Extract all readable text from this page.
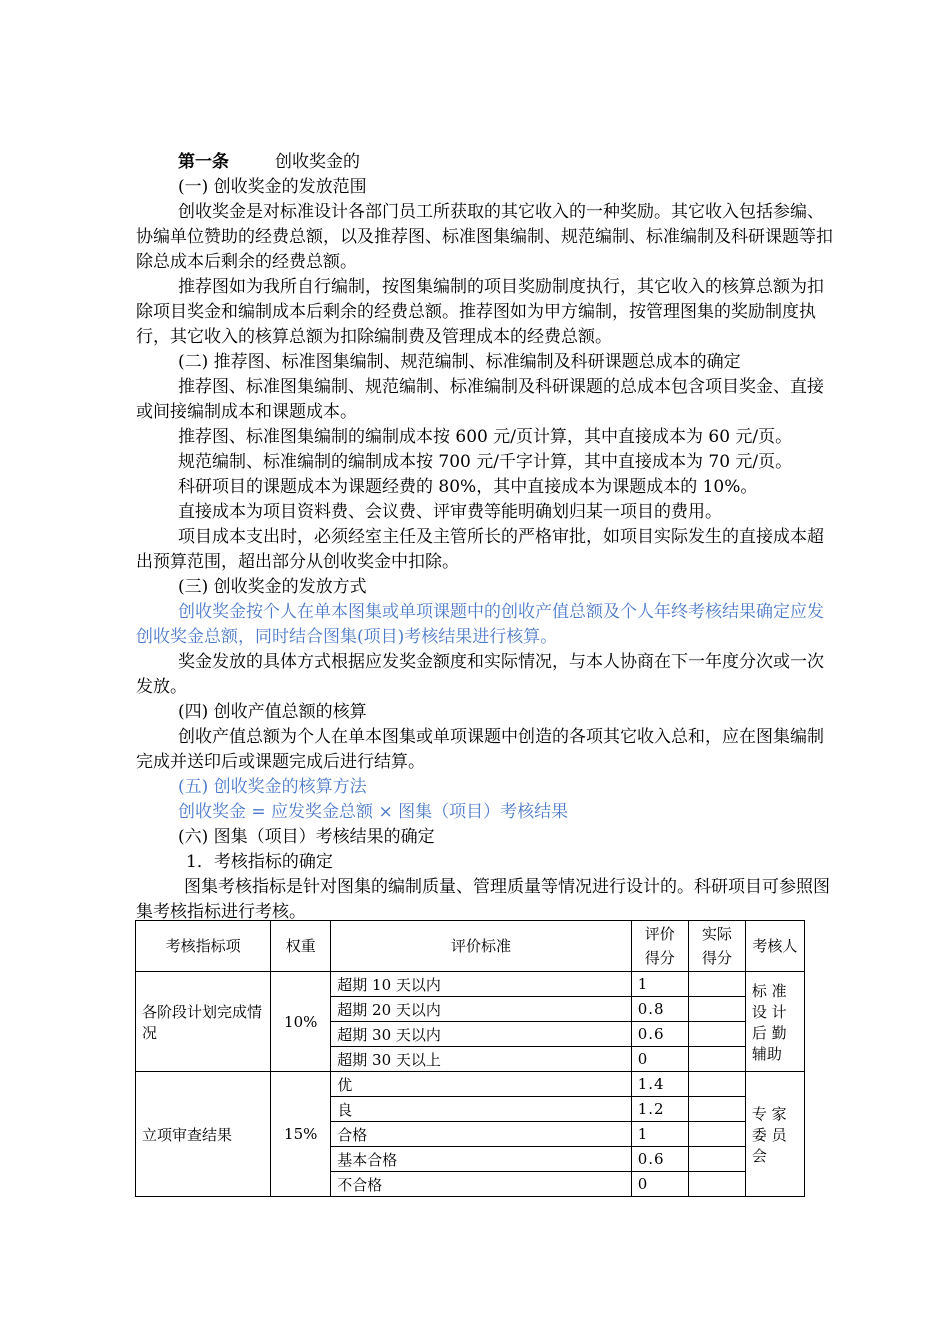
第一条	创收奖金的
(一) 创收奖金的发放范围
创收奖金是对标准设计各部门员工所获取的其它收入的一种奖励。其它收入包括参编、协编单位赞助的经费总额，以及推荐图、标准图集编制、规范编制、标准编制及科研课题等扣除总成本后剩余的经费总额。
推荐图如为我所自行编制，按图集编制的项目奖励制度执行，其它收入的核算总额为扣除项目奖金和编制成本后剩余的经费总额。推荐图如为甲方编制，按管理图集的奖励制度执行，其它收入的核算总额为扣除编制费及管理成本的经费总额。
(二) 推荐图、标准图集编制、规范编制、标准编制及科研课题总成本的确定
推荐图、标准图集编制、规范编制、标准编制及科研课题的总成本包含项目奖金、直接或间接编制成本和课题成本。
推荐图、标准图集编制的编制成本按 600 元/页计算，其中直接成本为 60 元/页。
规范编制、标准编制的编制成本按 700 元/千字计算，其中直接成本为 70 元/页。
科研项目的课题成本为课题经费的 80%，其中直接成本为课题成本的 10%。
直接成本为项目资料费、会议费、评审费等能明确划归某一项目的费用。
项目成本支出时，必须经室主任及主管所长的严格审批，如项目实际发生的直接成本超出预算范围，超出部分从创收奖金中扣除。
(三) 创收奖金的发放方式
创收奖金按个人在单本图集或单项课题中的创收产值总额及个人年终考核结果确定应发创收奖金总额，同时结合图集(项目)考核结果进行核算。
奖金发放的具体方式根据应发奖金额度和实际情况，与本人协商在下一年度分次或一次发放。
(四) 创收产值总额的核算
创收产值总额为个人在单本图集或单项课题中创造的各项其它收入总和，应在图集编制完成并送印后或课题完成后进行结算。
(五) 创收奖金的核算方法
创收奖金 = 应发奖金总额 × 图集（项目）考核结果
(六) 图集（项目）考核结果的确定
1．考核指标的确定
图集考核指标是针对图集的编制质量、管理质量等情况进行设计的。科研项目可参照图集考核指标进行考核。
考核指标项	权重	评价标准	评价得分	实际得分	考核人
各阶段计划完成情况	10%	超期 10 天以内	1		标 准 设 计 后 勤 辅助
		超期 20 天以内	0.8		
		超期 30 天以内	0.6		
		超期 30 天以上	0		
立项审查结果	15%	优	1.4		专 家 委 员 会
		良	1.2		
		合格	1		
		基本合格	0.6		
		不合格	0		
